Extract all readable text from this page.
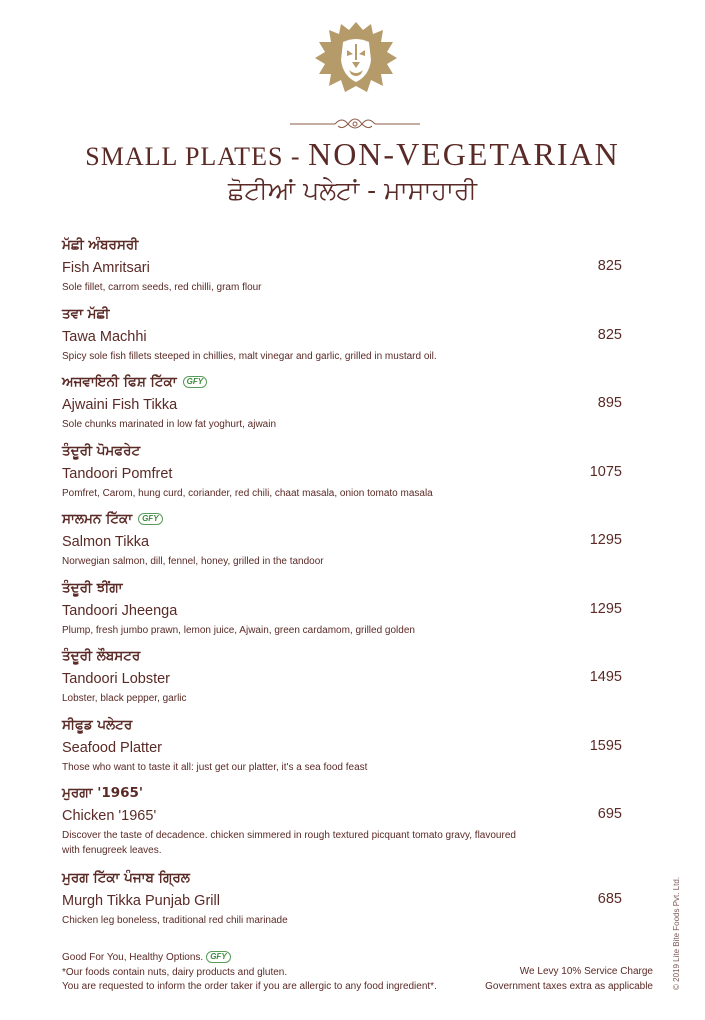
SMALL PLATES - NON-VEGETARIAN
ਛੋਟੀਆਂ ਪਲੇਟਾਂ - ਮਾਸਾਹਾਰੀ
ਮੱਛੀ ਅੰਬਰਸਰੀ
Fish Amritsari
Sole fillet, carrom seeds, red chilli, gram flour
825
ਤਵਾ ਮੱਛੀ
Tawa Machhi
Spicy sole fish fillets steeped in chillies, malt vinegar and garlic, grilled in mustard oil.
825
ਅਜਵਾਇਨੀ ਫਿਸ਼ ਟਿੱਕਾ GFY
Ajwaini Fish Tikka
Sole chunks marinated in low fat yoghurt, ajwain
895
ਤੰਦੂਰੀ ਪੋਮਫਰੇਟ
Tandoori Pomfret
Pomfret, Carom, hung curd, coriander, red chili, chaat masala, onion tomato masala
1075
ਸਾਲਮਨ ਟਿੱਕਾ GFY
Salmon Tikka
Norwegian salmon, dill, fennel, honey, grilled in the tandoor
1295
ਤੰਦੂਰੀ ਝੀਂਗਾ
Tandoori Jheenga
Plump, fresh jumbo prawn, lemon juice, Ajwain, green cardamom, grilled golden
1295
ਤੰਦੂਰੀ ਲੌਬਸਟਰ
Tandoori Lobster
Lobster, black pepper, garlic
1495
ਸੀਫੂਡ ਪਲੇਟਰ
Seafood Platter
Those who want to taste it all: just get our platter, it's a sea food feast
1595
ਮੁਰਗਾ '1965'
Chicken '1965'
Discover the taste of decadence. chicken simmered in rough textured picquant tomato gravy, flavoured with fenugreek leaves.
695
ਮੁਰਗ ਟਿੱਕਾ ਪੰਜਾਬ ਗ੍ਰਿਲ
Murgh Tikka Punjab Grill
Chicken leg boneless, traditional red chili marinade
685
Good For You, Healthy Options. GFY
*Our foods contain nuts, dairy products and gluten.
You are requested to inform the order taker if you are allergic to any food ingredient*.
We Levy 10% Service Charge
Government taxes extra as applicable © 2019 Lite Bite Foods Pvt. Ltd.
